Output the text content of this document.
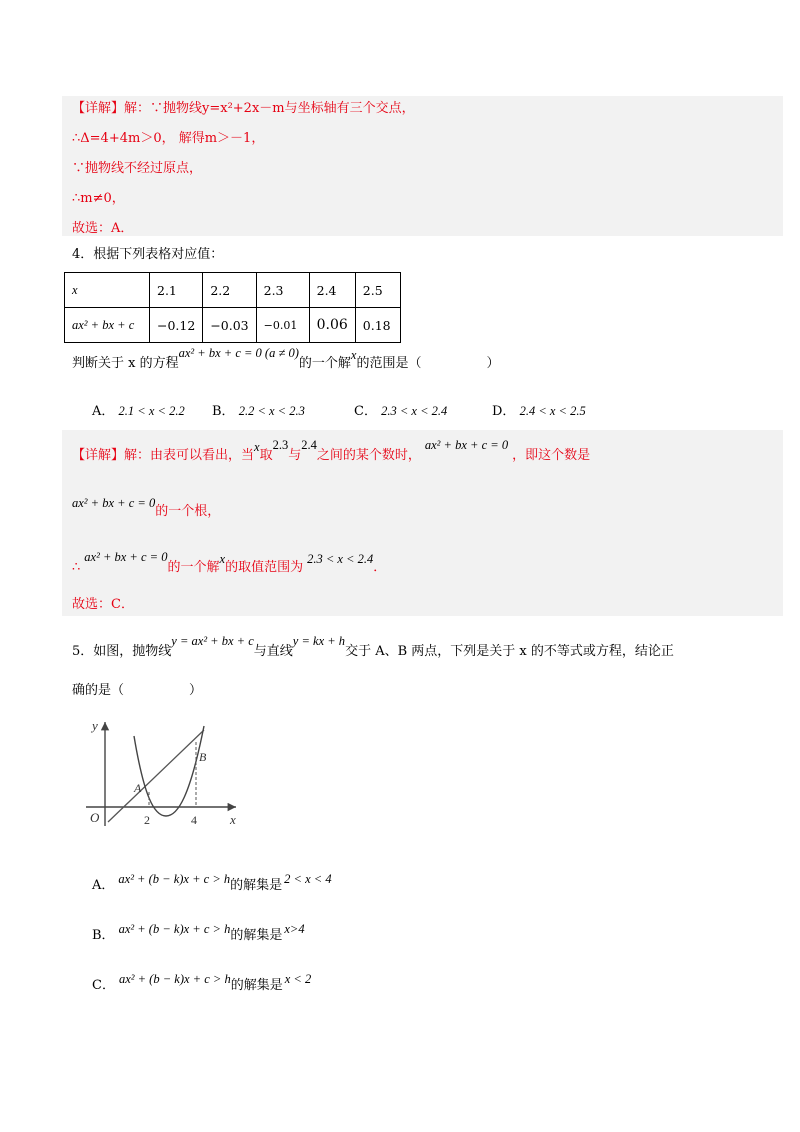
【详解】解：∵抛物线y=x²+2x－m与坐标轴有三个交点，
∴Δ=4+4m＞0， 解得m＞－1，
∵抛物线不经过原点，
∴m≠0，
故选：A．
4．根据下列表格对应值：
x	2.1	2.2	2.3	2.4	2.5
ax² + bx + c	−0.12	−0.03	−0.01	0.06	0.18
判断关于 x 的方程ax² + bx + c = 0 (a ≠ 0)的一个解x的范围是（　　　　　）
A． 2.1 < x < 2.2 B． 2.2 < x < 2.3	C． 2.3 < x < 2.4	D． 2.4 < x < 2.5
【详解】解：由表可以看出，当x取2.3与2.4之间的某个数时，ax² + bx + c = 0，即这个数是
ax² + bx + c = 0的一个根，
∴ax² + bx + c = 0的一个解x的取值范围为2.3 < x < 2.4．
故选：C．
5．如图，抛物线y = ax² + bx + c与直线y = kx + h交于 A、B 两点，下列是关于 x 的不等式或方程，结论正
确的是（　　　　　）
y
x
O
A
B
2	4
A． ax² + (b − k)x + c > h的解集是 2 < x < 4
B． ax² + (b − k)x + c > h的解集是 x>4
C． ax² + (b − k)x + c > h的解集是 x < 2
